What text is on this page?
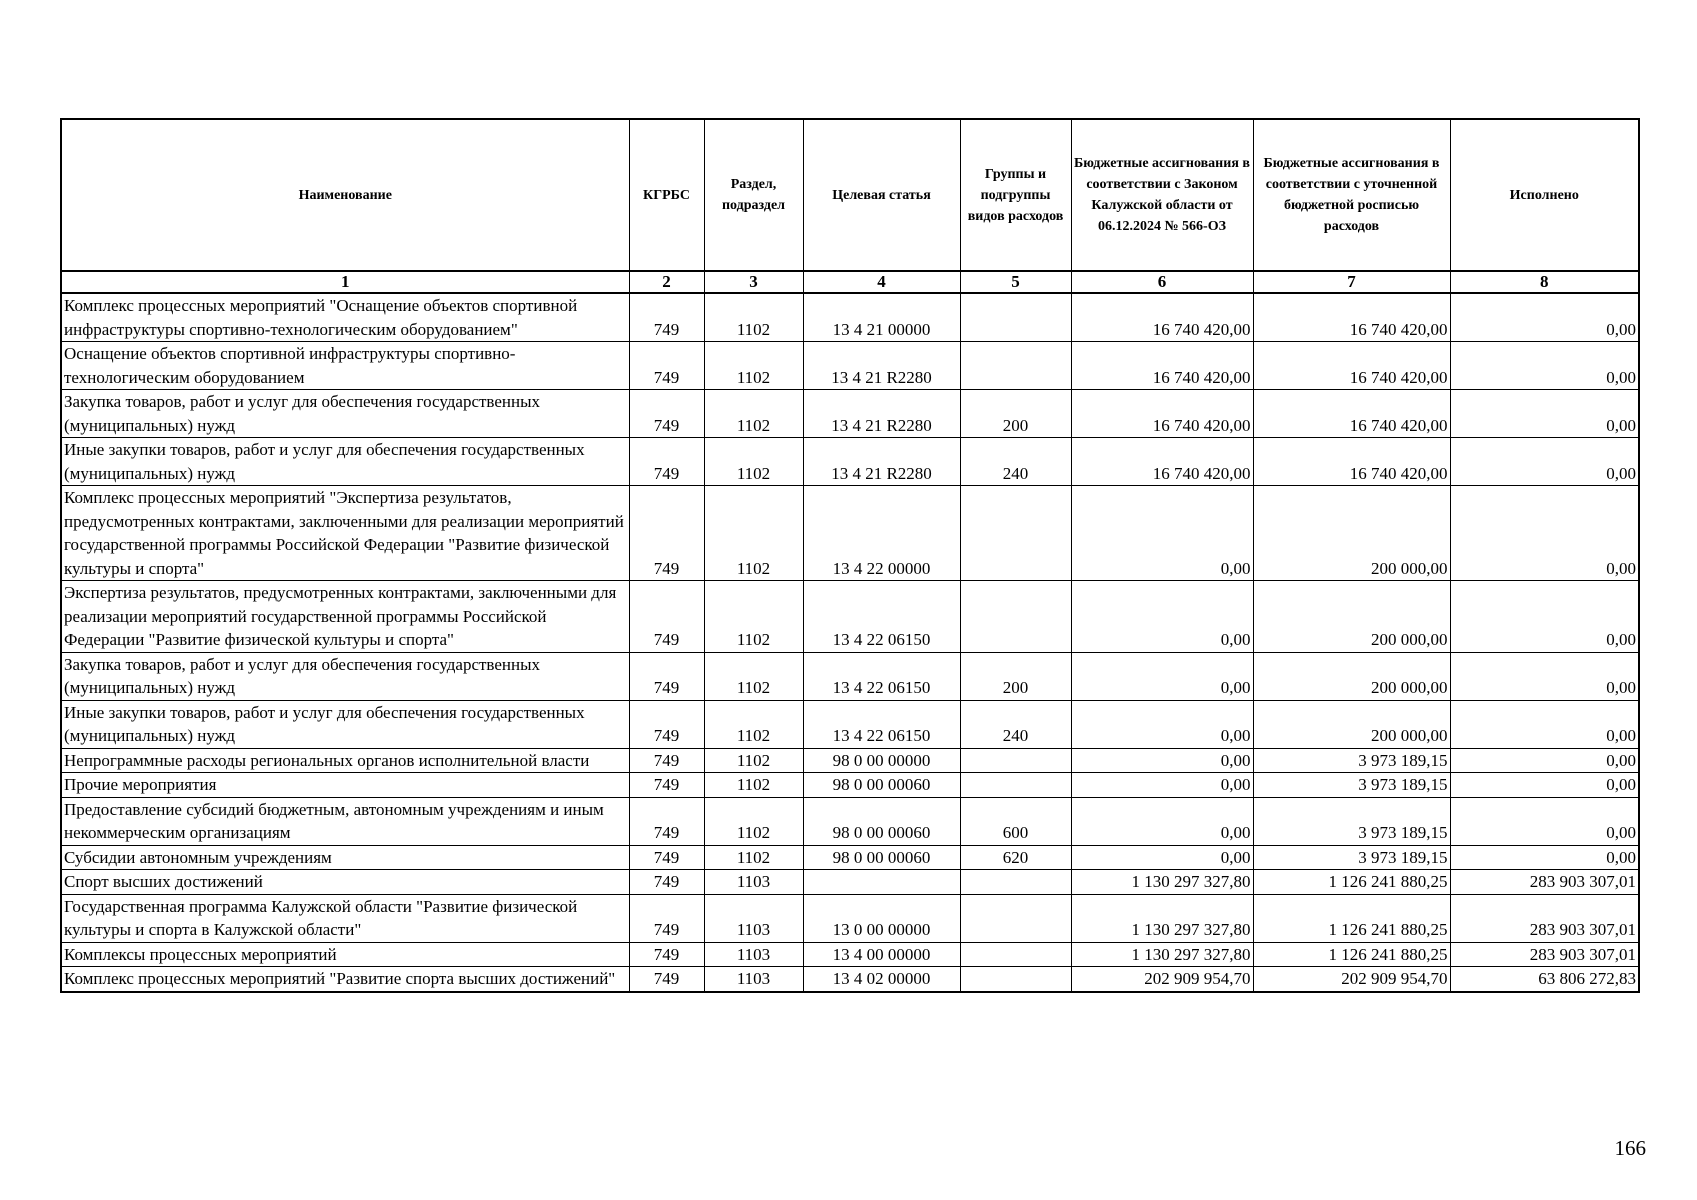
Наименование	КГРБС	Раздел, подраздел	Целевая статья	Группы и подгруппы видов расходов	Бюджетные ассигнования в соответствии с Законом Калужской области от 06.12.2024 № 566-ОЗ	Бюджетные ассигнования в соответствии с уточненной бюджетной росписью расходов	Исполнено
1	2	3	4	5	6	7	8
Комплекс процессных мероприятий "Оснащение объектов спортивной инфраструктуры спортивно-технологическим оборудованием"	749	1102	13 4 21 00000		16 740 420,00	16 740 420,00	0,00
Оснащение объектов спортивной инфраструктуры спортивно-технологическим оборудованием	749	1102	13 4 21 R2280		16 740 420,00	16 740 420,00	0,00
Закупка товаров, работ и услуг для обеспечения государственных (муниципальных) нужд	749	1102	13 4 21 R2280	200	16 740 420,00	16 740 420,00	0,00
Иные закупки товаров, работ и услуг для обеспечения государственных (муниципальных) нужд	749	1102	13 4 21 R2280	240	16 740 420,00	16 740 420,00	0,00
Комплекс процессных мероприятий "Экспертиза результатов, предусмотренных контрактами, заключенными для реализации мероприятий государственной программы Российской Федерации "Развитие физической культуры и спорта"	749	1102	13 4 22 00000		0,00	200 000,00	0,00
Экспертиза результатов, предусмотренных контрактами, заключенными для реализации мероприятий государственной программы Российской Федерации "Развитие физической культуры и спорта"	749	1102	13 4 22 06150		0,00	200 000,00	0,00
Закупка товаров, работ и услуг для обеспечения государственных (муниципальных) нужд	749	1102	13 4 22 06150	200	0,00	200 000,00	0,00
Иные закупки товаров, работ и услуг для обеспечения государственных (муниципальных) нужд	749	1102	13 4 22 06150	240	0,00	200 000,00	0,00
Непрограммные расходы региональных органов исполнительной власти	749	1102	98 0 00 00000		0,00	3 973 189,15	0,00
Прочие мероприятия	749	1102	98 0 00 00060		0,00	3 973 189,15	0,00
Предоставление субсидий бюджетным, автономным учреждениям и иным некоммерческим организациям	749	1102	98 0 00 00060	600	0,00	3 973 189,15	0,00
Субсидии автономным учреждениям	749	1102	98 0 00 00060	620	0,00	3 973 189,15	0,00
Спорт высших достижений	749	1103			1 130 297 327,80	1 126 241 880,25	283 903 307,01
Государственная программа Калужской области "Развитие физической культуры и спорта в Калужской области"	749	1103	13 0 00 00000		1 130 297 327,80	1 126 241 880,25	283 903 307,01
Комплексы процессных мероприятий	749	1103	13 4 00 00000		1 130 297 327,80	1 126 241 880,25	283 903 307,01
Комплекс процессных мероприятий "Развитие спорта высших достижений"	749	1103	13 4 02 00000		202 909 954,70	202 909 954,70	63 806 272,83
166
